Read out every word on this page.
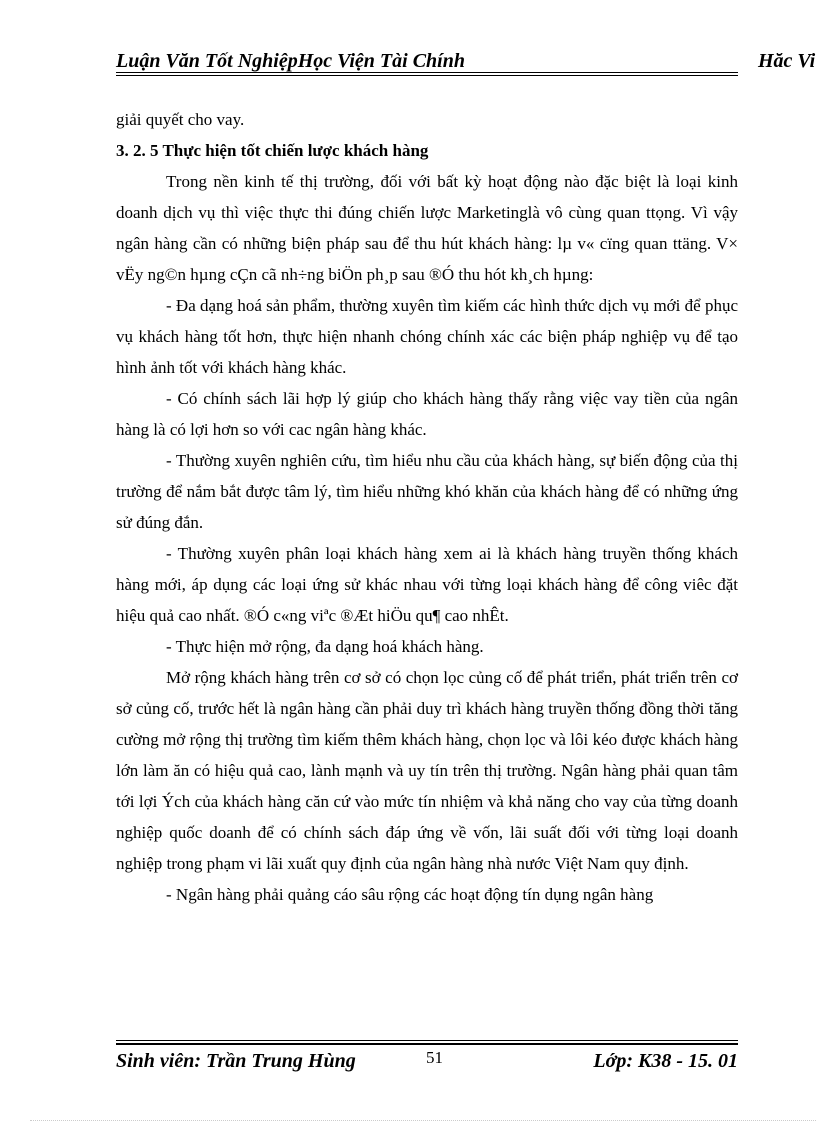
Luận Văn Tốt NghiệpHọc Viện Tài Chính	Hăc Vi

giải quyết cho vay.

3. 2. 5 Thực hiện tốt chiến lược khách hàng

Trong nền kinh tế thị trường, đối với bất kỳ hoạt động nào đặc biệt là loại kinh doanh dịch vụ thì việc thực thi đúng chiến lược Marketinglà vô cùng quan ttọng. Vì vậy ngân hàng cần có những biện pháp sau để thu hút khách hàng: lµ v« cïng quan ttäng. V× vËy ng©n hµng cÇn cã nh÷ng biÖn ph¸p sau ®Ó thu hót kh¸ch hµng:

- Đa dạng hoá sản phẩm, thường xuyên tìm kiếm các hình thức dịch vụ mới để phục vụ khách hàng tốt hơn, thực hiện nhanh chóng chính xác các biện pháp nghiệp vụ để tạo hình ảnh tốt với khách hàng khác.

- Có chính sách lãi hợp lý giúp cho khách hàng thấy rằng việc vay tiền của ngân hàng là có lợi hơn so với cac ngân hàng khác.

- Thường xuyên nghiên cứu, tìm hiểu nhu cầu của khách hàng, sự biến động của thị trường để nắm bắt được tâm lý, tìm hiểu những khó khăn của khách hàng để có những ứng sử đúng đắn.

- Thường xuyên phân loại khách hàng xem ai là khách hàng truyền thống khách hàng mới, áp dụng các loại ứng sử khác nhau với từng loại khách hàng để công viêc đặt hiệu quả cao nhất. ®Ó c«ng viªc ®Æt hiÖu qu¶ cao nhÊt.

- Thực hiện mở rộng, đa dạng hoá khách hàng.

Mở rộng khách hàng trên cơ sở có chọn lọc củng cố để phát triển, phát triển trên cơ sở củng cố, trước hết là ngân hàng cần phải duy trì khách hàng truyền thống đồng thời tăng cường mở rộng thị trường tìm kiếm thêm khách hàng, chọn lọc và lôi kéo được khách hàng lớn làm ăn có hiệu quả cao, lành mạnh và uy tín trên thị trường. Ngân hàng phải quan tâm tới lợi Ých của khách hàng căn cứ vào mức tín nhiệm và khả năng cho vay của từng doanh nghiệp quốc doanh để có chính sách đáp ứng về vốn, lãi suất đối với từng loại doanh nghiệp trong phạm vi lãi xuất quy định của ngân hàng nhà nước Việt Nam quy định.

- Ngân hàng phải quảng cáo sâu rộng các hoạt động tín dụng ngân hàng

Sinh viên: Trần Trung Hùng	51	Lớp: K38 - 15. 01
